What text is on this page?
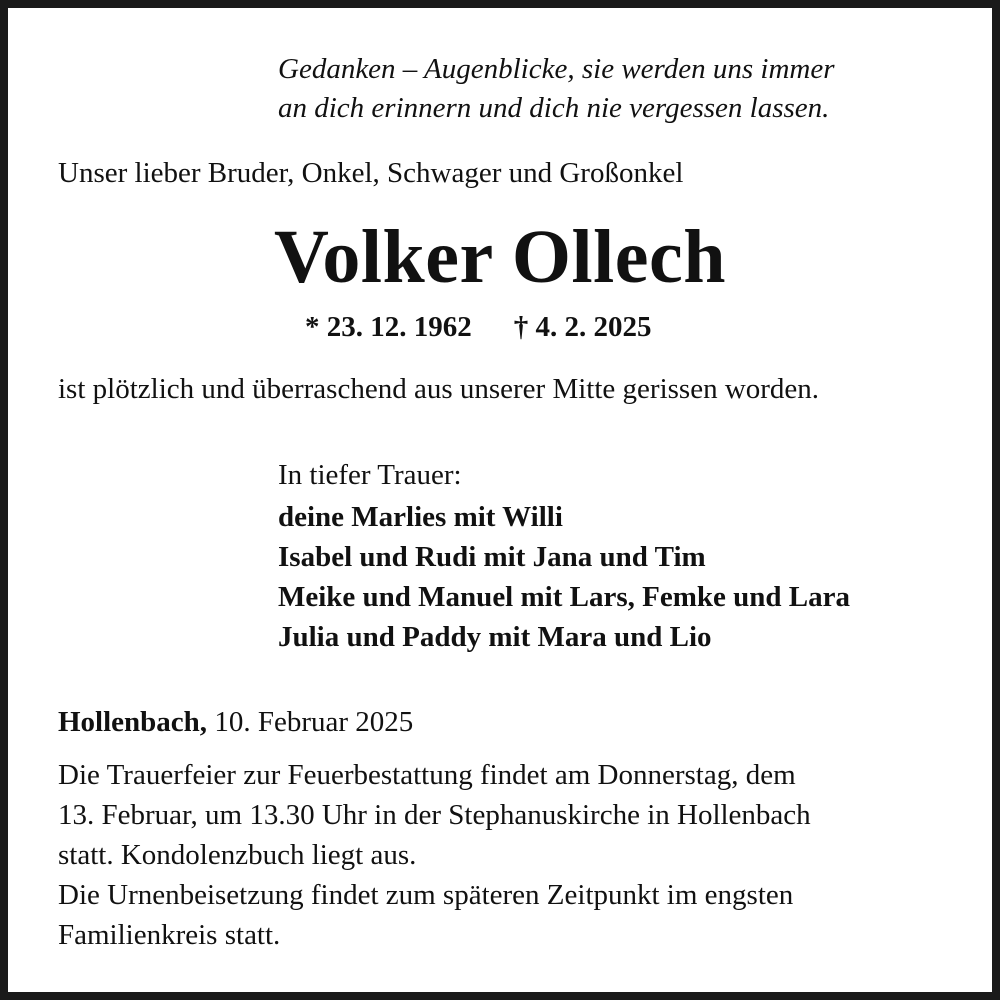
Gedanken – Augenblicke, sie werden uns immer
an dich erinnern und dich nie vergessen lassen.
Unser lieber Bruder, Onkel, Schwager und Großonkel
Volker Ollech
* 23. 12. 1962 † 4. 2. 2025
ist plötzlich und überraschend aus unserer Mitte gerissen worden.
In tiefer Trauer:
deine Marlies mit Willi
Isabel und Rudi mit Jana und Tim
Meike und Manuel mit Lars, Femke und Lara
Julia und Paddy mit Mara und Lio
Hollenbach, 10. Februar 2025
Die Trauerfeier zur Feuerbestattung findet am Donnerstag, dem
13. Februar, um 13.30 Uhr in der Stephanuskirche in Hollenbach
statt. Kondolenzbuch liegt aus.
Die Urnenbeisetzung findet zum späteren Zeitpunkt im engsten
Familienkreis statt.
